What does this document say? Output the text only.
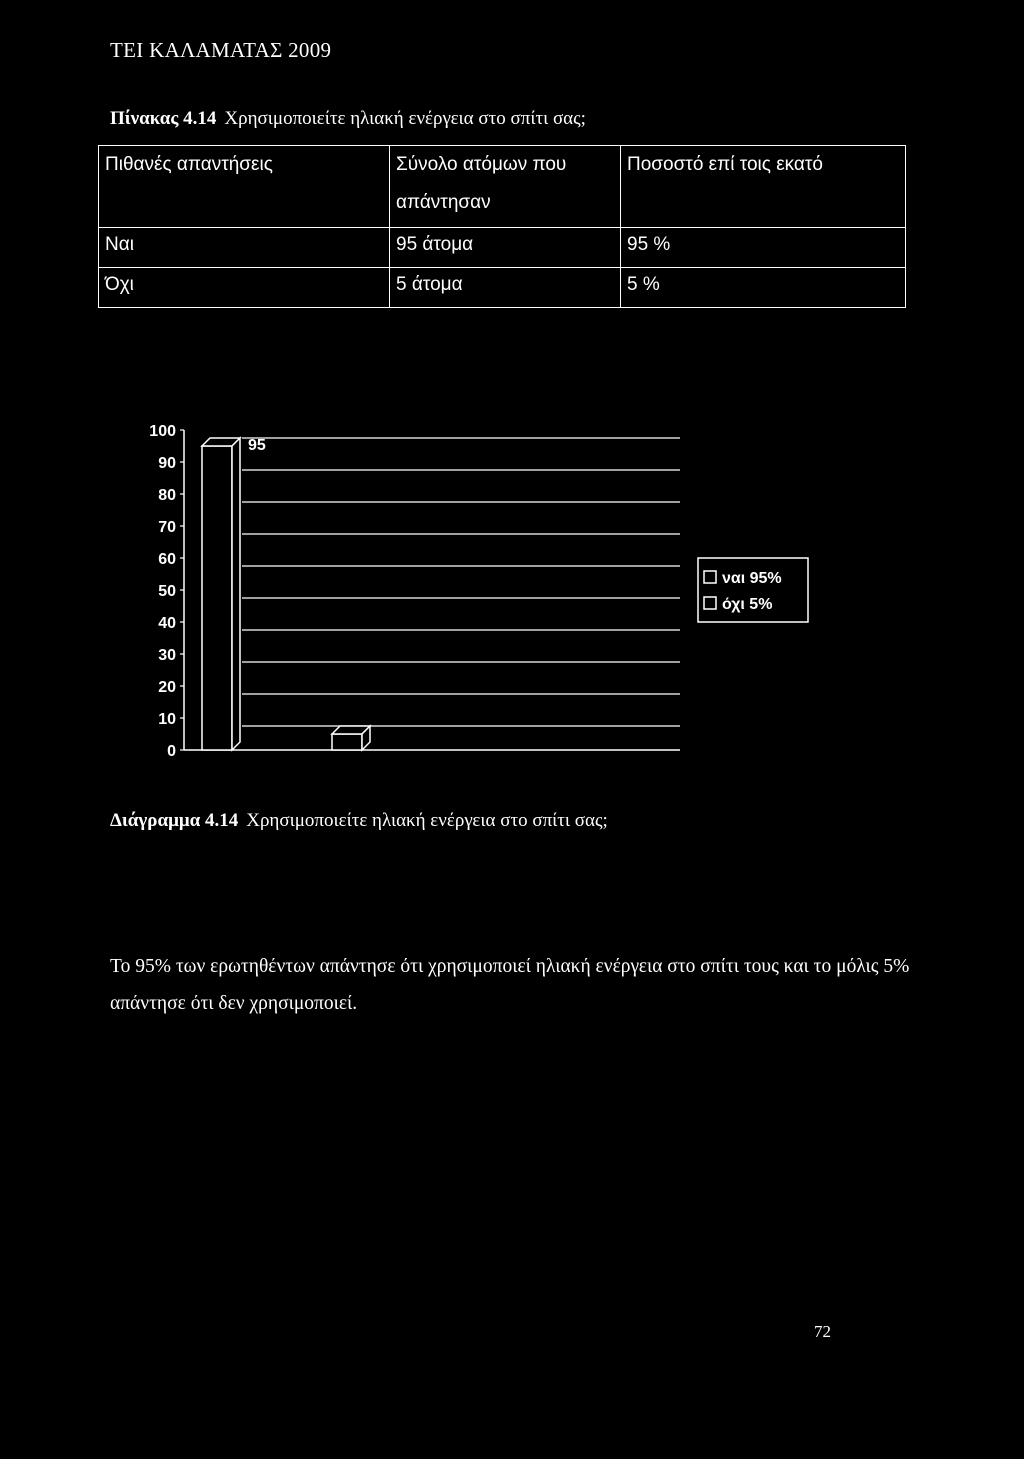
ΤΕΙ ΚΑΛΑΜΑΤΑΣ 2009
Πίνακας 4.14 Χρησιμοποιείτε ηλιακή ενέργεια στο σπίτι σας;
Πιθανές απαντήσεις	Σύνολο ατόμων που απάντησαν	Ποσοστό επί τοις εκατό
Ναι	95 άτομα	95 %
Όχι	5 άτομα	5 %
0
10
20
30
40
50
60
70
80
90
100
95
ναι 95%
όχι 5%
Διάγραμμα 4.14 Χρησιμοποιείτε ηλιακή ενέργεια στο σπίτι σας;
Το 95% των ερωτηθέντων απάντησε ότι χρησιμοποιεί ηλιακή ενέργεια στο σπίτι τους και το μόλις 5% απάντησε ότι δεν χρησιμοποιεί.
72
